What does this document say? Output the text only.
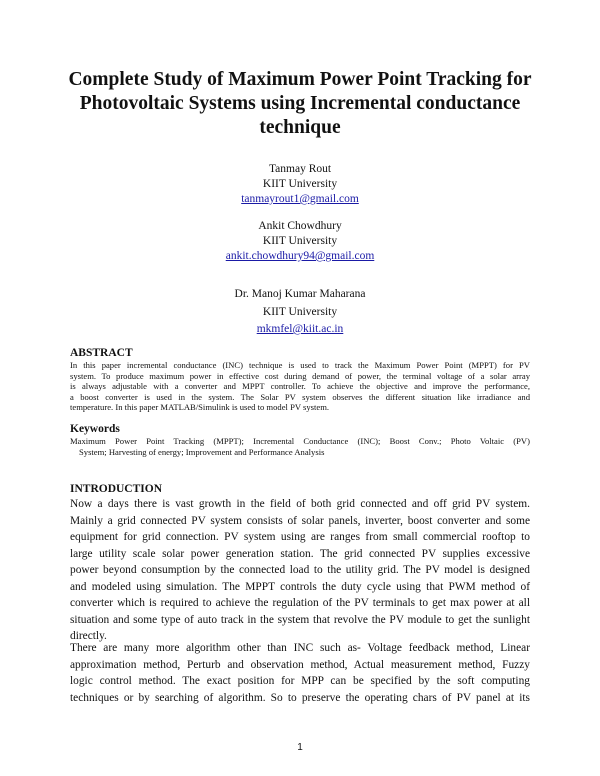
Complete Study of Maximum Power Point Tracking for
Photovoltaic Systems using Incremental conductance
technique
Tanmay Rout
KIIT University
tanmayrout1@gmail.com
Ankit Chowdhury
KIIT University
ankit.chowdhury94@gmail.com
Dr. Manoj Kumar Maharana
KIIT University
mkmfel@kiit.ac.in
ABSTRACT
In this paper incremental conductance (INC) technique is used to track the Maximum Power Point (MPPT) for PV
system. To produce maximum power in effective cost during demand of power, the terminal voltage of a solar array
is always adjustable with a converter and MPPT controller. To achieve the objective and improve the performance,
a boost converter is used in the system. The Solar PV system observes the different situation like irradiance and
temperature. In this paper MATLAB/Simulink is used to model PV system.
Keywords
Maximum Power Point Tracking (MPPT); Incremental Conductance (INC); Boost Conv.; Photo Voltaic (PV)
System; Harvesting of energy; Improvement and Performance Analysis
INTRODUCTION
Now a days there is vast growth in the field of both grid connected and off grid PV system.
Mainly a grid connected PV system consists of solar panels, inverter, boost converter and some
equipment for grid connection. PV system using are ranges from small commercial rooftop to
large utility scale solar power generation station. The grid connected PV supplies excessive
power beyond consumption by the connected load to the utility grid. The PV model is designed
and modeled using simulation. The MPPT controls the duty cycle using that PWM method of
converter which is required to achieve the regulation of the PV terminals to get max power at all
situation and some type of auto track in the system that revolve the PV module to get the sunlight
directly.
There are many more algorithm other than INC such as- Voltage feedback method, Linear
approximation method, Perturb and observation method, Actual measurement method, Fuzzy
logic control method. The exact position for MPP can be specified by the soft computing
techniques or by searching of algorithm. So to preserve the operating chars of PV panel at its
1
